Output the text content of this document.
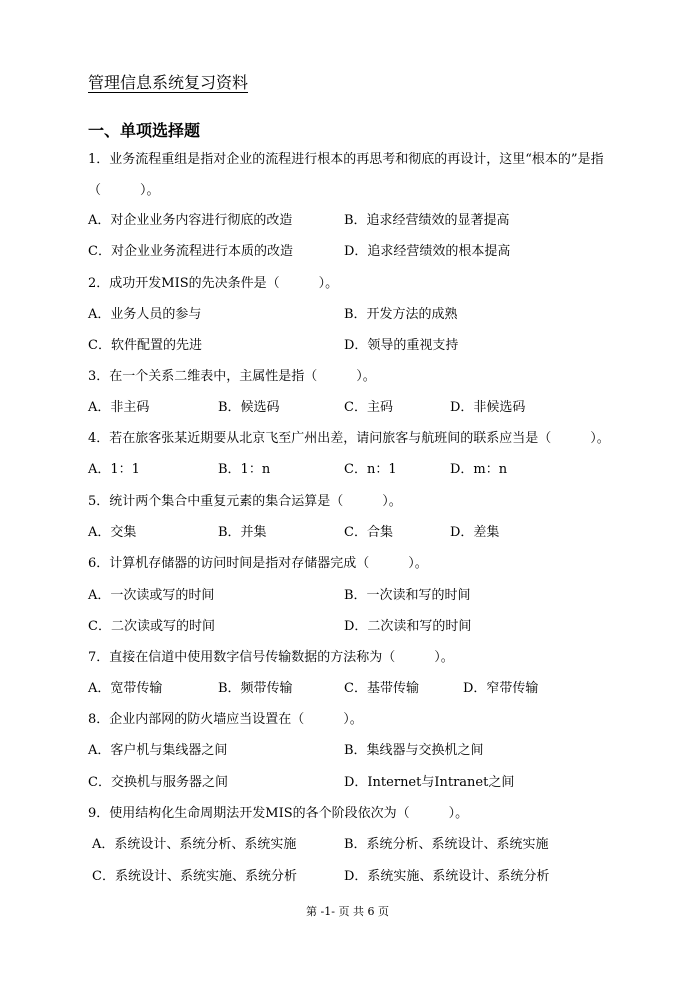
管理信息系统复习资料
一、单项选择题
1．业务流程重组是指对企业的流程进行根本的再思考和彻底的再设计，这里“根本的”是指
（　　　）。
A．对企业业务内容进行彻底的改造	B．追求经营绩效的显著提高
C．对企业业务流程进行本质的改造	D．追求经营绩效的根本提高
2．成功开发MIS的先决条件是（　　　）。
A．业务人员的参与	B．开发方法的成熟
C．软件配置的先进	D．领导的重视支持
3．在一个关系二维表中，主属性是指（　　　）。
A．非主码	B．候选码	C．主码	D．非候选码
4．若在旅客张某近期要从北京飞至广州出差，请问旅客与航班间的联系应当是（　　　）。
A．1：1	B．1：n	C．n：1	D．m：n
5．统计两个集合中重复元素的集合运算是（　　　）。
A．交集	B．并集	C．合集	D．差集
6．计算机存储器的访问时间是指对存储器完成（　　　）。
A．一次读或写的时间	B．一次读和写的时间
C．二次读或写的时间	D．二次读和写的时间
7．直接在信道中使用数字信号传输数据的方法称为（　　　）。
A．宽带传输	B．频带传输	C．基带传输	D．窄带传输
8．企业内部网的防火墙应当设置在（　　　）。
A．客户机与集线器之间	B．集线器与交换机之间
C．交换机与服务器之间	D．Internet与Intranet之间
9．使用结构化生命周期法开发MIS的各个阶段依次为（　　　）。
A．系统设计、系统分析、系统实施	B．系统分析、系统设计、系统实施
C．系统设计、系统实施、系统分析	D．系统实施、系统设计、系统分析
第 -1- 页 共 6 页
